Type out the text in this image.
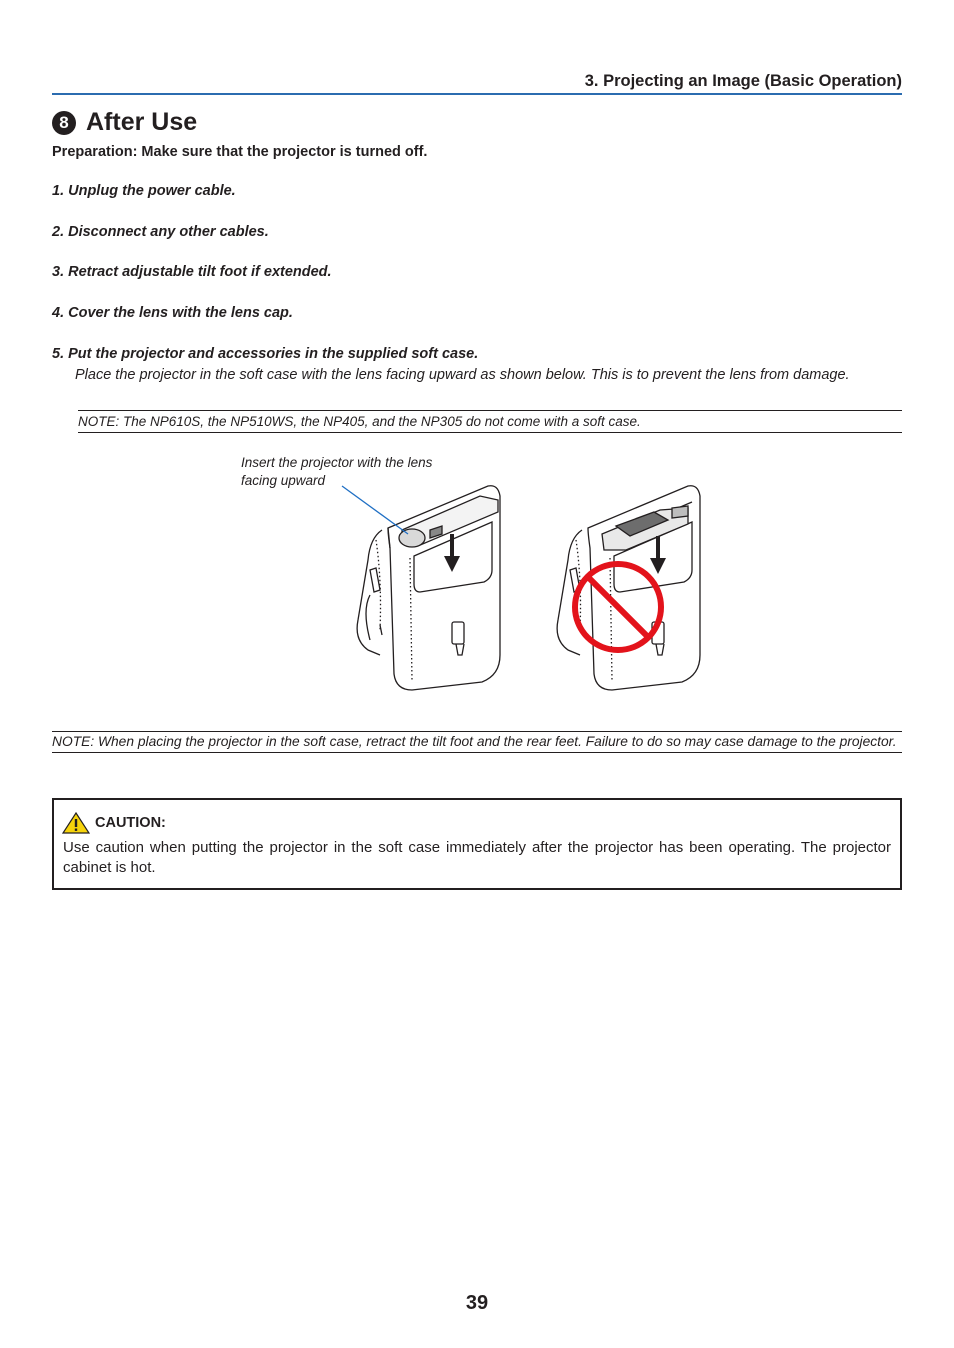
3. Projecting an Image (Basic Operation)
8 After Use
Preparation: Make sure that the projector is turned off.
1. Unplug the power cable.
2. Disconnect any other cables.
3. Retract adjustable tilt foot if extended.
4. Cover the lens with the lens cap.
5. Put the projector and accessories in the supplied soft case.
Place the projector in the soft case with the lens facing upward as shown below. This is to prevent the lens from damage.
NOTE: The NP610S, the NP510WS, the NP405, and the NP305 do not come with a soft case.
Insert the projector with the lens facing upward
NOTE: When placing the projector in the soft case, retract the tilt foot and the rear feet. Failure to do so may case damage to the projector.
CAUTION:
Use caution when putting the projector in the soft case immediately after the projector has been operating. The projector cabinet is hot.
39
